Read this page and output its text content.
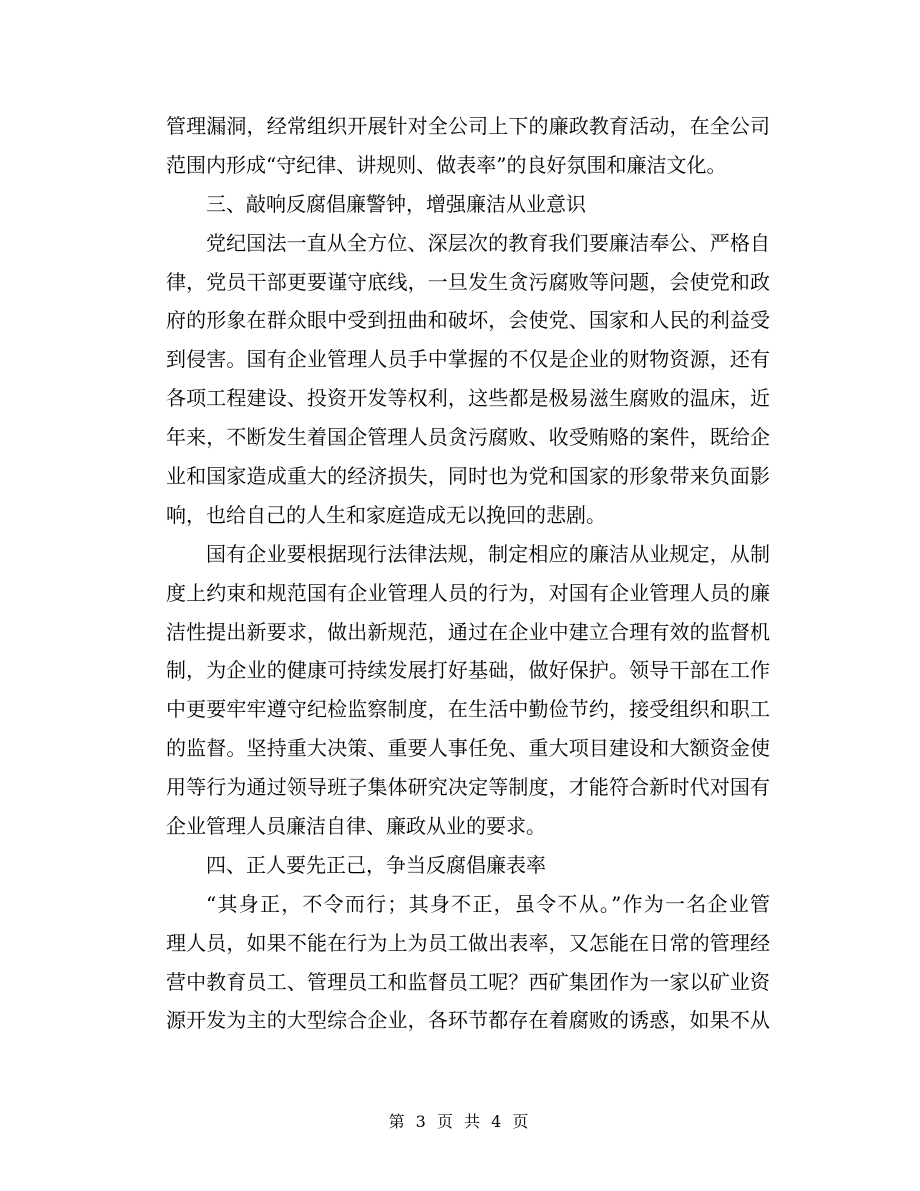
管理漏洞，经常组织开展针对全公司上下的廉政教育活动，在全公司
范围内形成“守纪律、讲规则、做表率”的良好氛围和廉洁文化。
三、敲响反腐倡廉警钟，增强廉洁从业意识
党纪国法一直从全方位、深层次的教育我们要廉洁奉公、严格自
律，党员干部更要谨守底线，一旦发生贪污腐败等问题，会使党和政
府的形象在群众眼中受到扭曲和破坏，会使党、国家和人民的利益受
到侵害。国有企业管理人员手中掌握的不仅是企业的财物资源，还有
各项工程建设、投资开发等权利，这些都是极易滋生腐败的温床，近
年来，不断发生着国企管理人员贪污腐败、收受贿赂的案件，既给企
业和国家造成重大的经济损失，同时也为党和国家的形象带来负面影
响，也给自己的人生和家庭造成无以挽回的悲剧。
国有企业要根据现行法律法规，制定相应的廉洁从业规定，从制
度上约束和规范国有企业管理人员的行为，对国有企业管理人员的廉
洁性提出新要求，做出新规范，通过在企业中建立合理有效的监督机
制，为企业的健康可持续发展打好基础，做好保护。领导干部在工作
中更要牢牢遵守纪检监察制度，在生活中勤俭节约，接受组织和职工
的监督。坚持重大决策、重要人事任免、重大项目建设和大额资金使
用等行为通过领导班子集体研究决定等制度，才能符合新时代对国有
企业管理人员廉洁自律、廉政从业的要求。
四、正人要先正己，争当反腐倡廉表率
“其身正，不令而行；其身不正，虽令不从。”作为一名企业管
理人员，如果不能在行为上为员工做出表率，又怎能在日常的管理经
营中教育员工、管理员工和监督员工呢？西矿集团作为一家以矿业资
源开发为主的大型综合企业，各环节都存在着腐败的诱惑，如果不从
第 3 页 共 4 页
